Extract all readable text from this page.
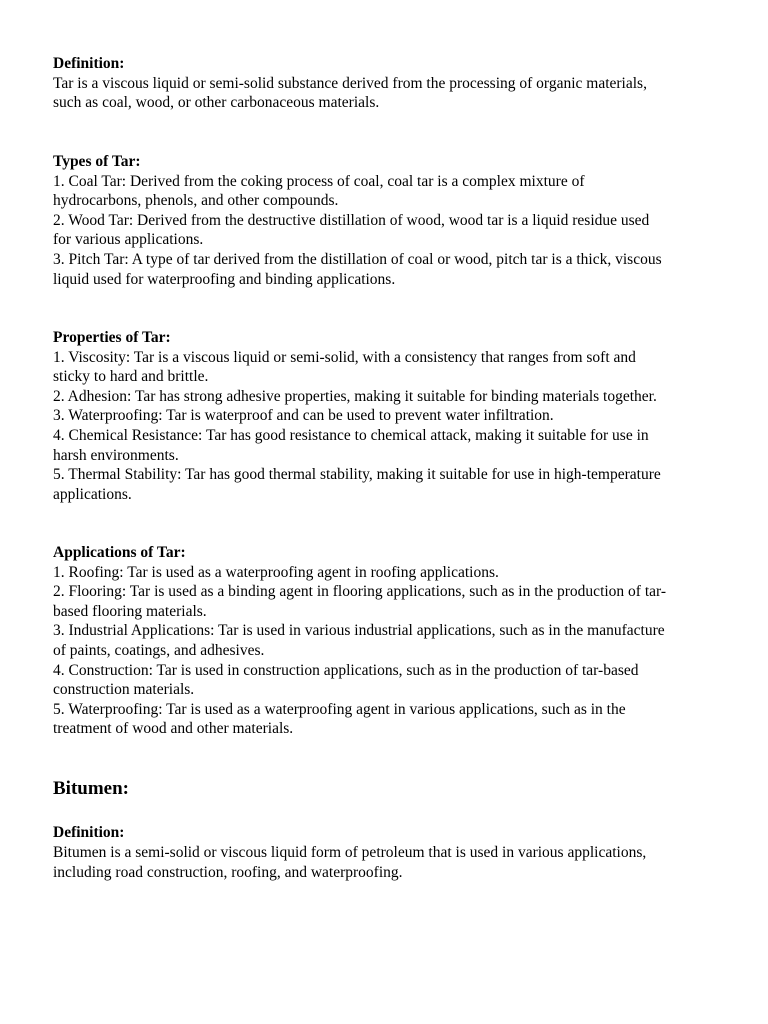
Definition:
Tar is a viscous liquid or semi-solid substance derived from the processing of organic materials,
such as coal, wood, or other carbonaceous materials.
Types of Tar:
1. Coal Tar: Derived from the coking process of coal, coal tar is a complex mixture of
hydrocarbons, phenols, and other compounds.
2. Wood Tar: Derived from the destructive distillation of wood, wood tar is a liquid residue used
for various applications.
3. Pitch Tar: A type of tar derived from the distillation of coal or wood, pitch tar is a thick, viscous
liquid used for waterproofing and binding applications.
Properties of Tar:
1. Viscosity: Tar is a viscous liquid or semi-solid, with a consistency that ranges from soft and
sticky to hard and brittle.
2. Adhesion: Tar has strong adhesive properties, making it suitable for binding materials together.
3. Waterproofing: Tar is waterproof and can be used to prevent water infiltration.
4. Chemical Resistance: Tar has good resistance to chemical attack, making it suitable for use in
harsh environments.
5. Thermal Stability: Tar has good thermal stability, making it suitable for use in high-temperature
applications.
Applications of Tar:
1. Roofing: Tar is used as a waterproofing agent in roofing applications.
2. Flooring: Tar is used as a binding agent in flooring applications, such as in the production of tar-
based flooring materials.
3. Industrial Applications: Tar is used in various industrial applications, such as in the manufacture
of paints, coatings, and adhesives.
4. Construction: Tar is used in construction applications, such as in the production of tar-based
construction materials.
5. Waterproofing: Tar is used as a waterproofing agent in various applications, such as in the
treatment of wood and other materials.
Bitumen:
Definition:
Bitumen is a semi-solid or viscous liquid form of petroleum that is used in various applications,
including road construction, roofing, and waterproofing.
